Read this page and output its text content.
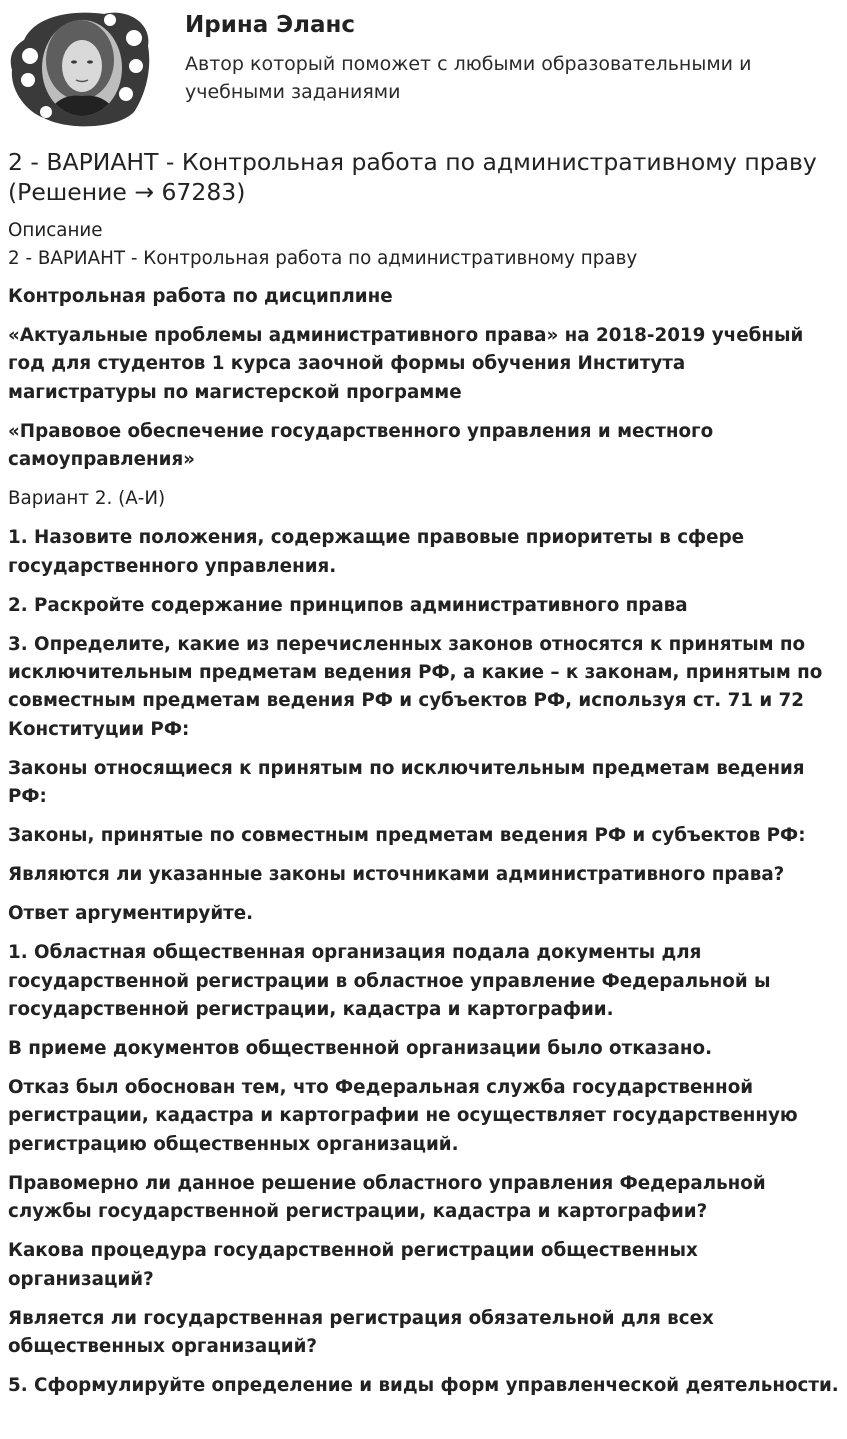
Ирина Эланс
Автор который поможет с любыми образовательными и учебными заданиями
2 - ВАРИАНТ - Контрольная работа по административному праву (Решение → 67283)
Описание
2 - ВАРИАНТ - Контрольная работа по административному праву

Контрольная работа по дисциплине

«Актуальные проблемы административного права» на 2018-2019 учебный год для студентов 1 курса заочной формы обучения Института магистратуры по магистерской программе

«Правовое обеспечение государственного управления и местного самоуправления»

Вариант 2. (А-И)

1. Назовите положения, содержащие правовые приоритеты в сфере государственного управления.

2. Раскройте содержание принципов административного права

3. Определите, какие из перечисленных законов относятся к принятым по исключительным предметам ведения РФ, а какие – к законам, принятым по совместным предметам ведения РФ и субъектов РФ, используя ст. 71 и 72 Конституции РФ:

Законы относящиеся к принятым по исключительным предметам ведения РФ:

Законы, принятые по совместным предметам ведения РФ и субъектов РФ:

Являются ли указанные законы источниками административного права?

Ответ аргументируйте.

1. Областная общественная организация подала документы для государственной регистрации в областное управление Федеральной ы государственной регистрации, кадастра и картографии.

В приеме документов общественной организации было отказано.

Отказ был обоснован тем, что Федеральная служба государственной регистрации, кадастра и картографии не осуществляет государственную регистрацию общественных организаций.

Правомерно ли данное решение областного управления Федеральной службы государственной регистрации, кадастра и картографии?

Какова процедура государственной регистрации общественных организаций?

Является ли государственная регистрация обязательной для всех общественных организаций?

5. Сформулируйте определение и виды форм управленческой деятельности.
